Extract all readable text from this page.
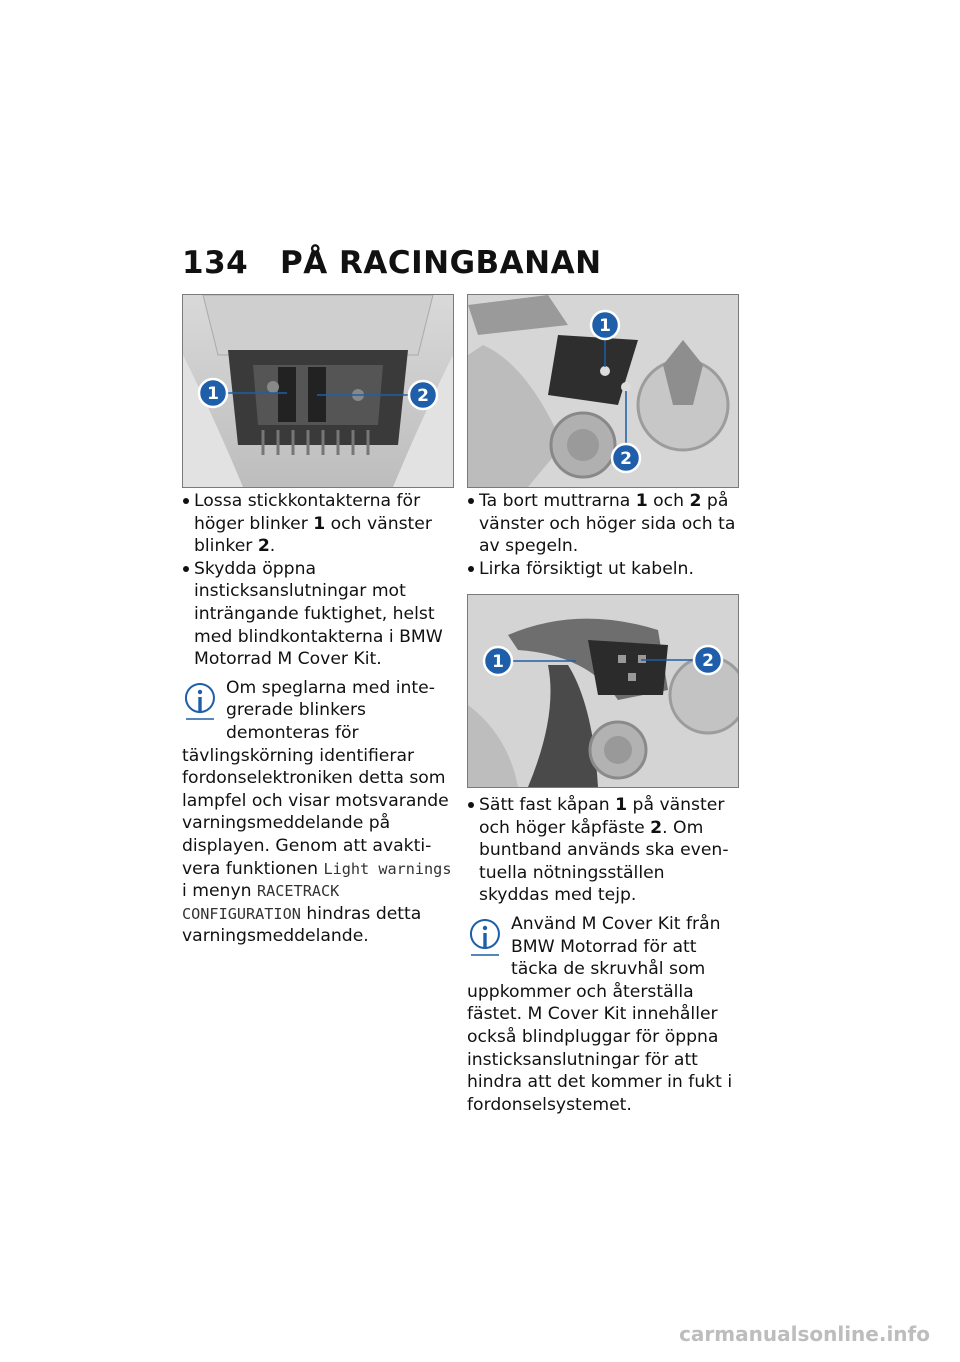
134	PÅ RACINGBANAN
1	2
1
2
1	2
Lossa stickkontakterna för höger blinker 1 och vänster blinker 2.
Skydda öppna insticksanslutningar mot inträngande fuktighet, helst med blindkontakterna i BMW Motorrad M Cover Kit.

Om speglarna med integrerade blinkers demonteras för tävlingskörning identifierar fordonselektroniken detta som lampfel och visar motsvarande varningsmeddelande på displayen. Genom att avaktivera funktionen Light warnings i menyn RACETRACK CONFIGURATION hindras detta varningsmeddelande.

Ta bort muttrarna 1 och 2 på vänster och höger sida och ta av spegeln.
Lirka försiktigt ut kabeln.
Sätt fast kåpan 1 på vänster och höger kåpfäste 2. Om buntband används ska eventuella nötningsställen skyddas med tejp.

Använd M Cover Kit från BMW Motorrad för att täcka de skruvhål som uppkommer och återställa fästet. M Cover Kit innehåller också blindpluggar för öppna insticksanslutningar för att hindra att det kommer in fukt i fordonselsystemet.

carmanualsonline.info
